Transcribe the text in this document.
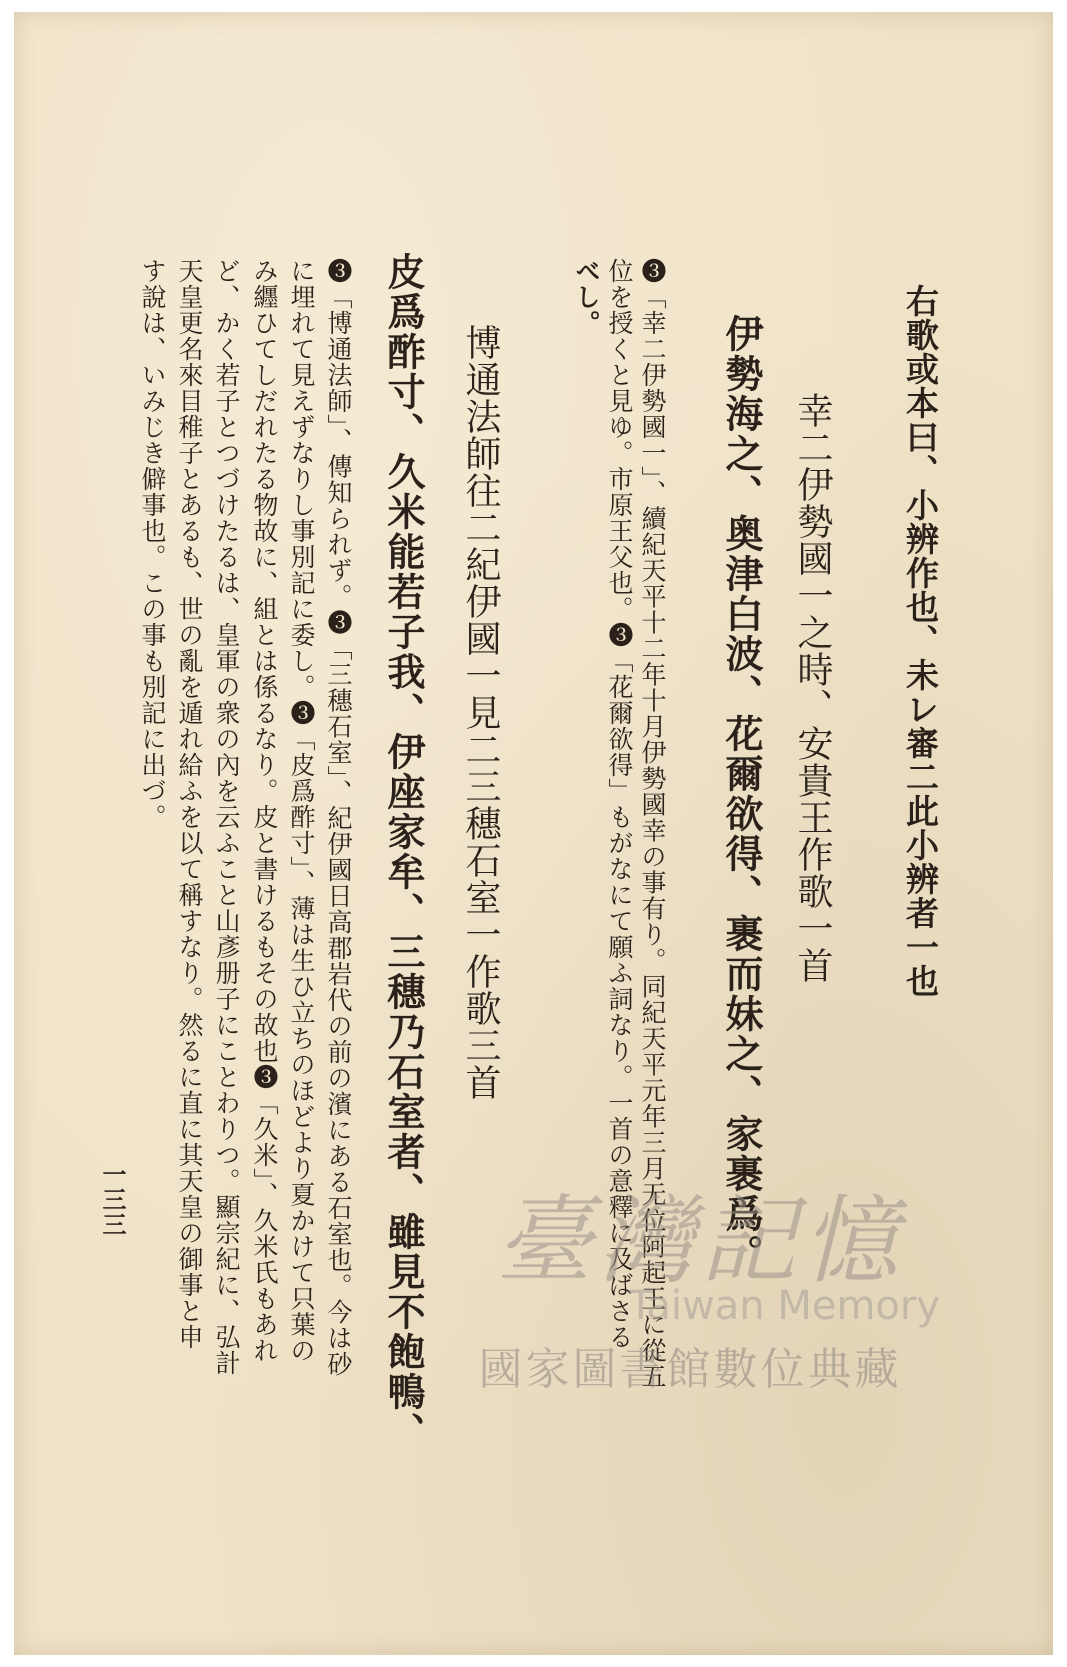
右歌或本曰、小辨作也、未レ審二此小辨者一也
幸二伊勢國一之時、安貴王作歌一首
伊勢海之、奥津白波、花爾欲得、裹而妹之、家裹爲。
❸「幸二伊勢國一」、續紀天平十二年十月伊勢國幸の事有り。同紀天平元年三月无位阿起王に從五
位を授くと見ゆ。市原王父也。❸「花爾欲得」もがなにて願ふ詞なり。一首の意釋に及ばさる
べし。
博通法師往二紀伊國一見二三穗石室一作歌三首
皮爲酢寸、久米能若子我、伊座家牟、三穗乃石室者、雖見不飽鴨、
❸「博通法師」、傳知られず。❸「三穗石室」、紀伊國日高郡岩代の前の濱にある石室也。今は砂
に埋れて見えずなりし事別記に委し。❸「皮爲酢寸」、薄は生ひ立ちのほどより夏かけて只葉の
み纒ひてしだれたる物故に、組とは係るなり。皮と書けるもその故也❸「久米」、久米氏もあれ
ど、かく若子とつづけたるは、皇軍の衆の內を云ふこと山彥册子にことわりつ。顯宗紀に、弘計
天皇更名來目稚子とあるも、世の亂を遁れ給ふを以て稱すなり。然るに直に其天皇の御事と申
す說は、いみじき僻事也。この事も別記に出づ。
一三三	臺灣記憶
Taiwan Memory
國家圖書館數位典藏
